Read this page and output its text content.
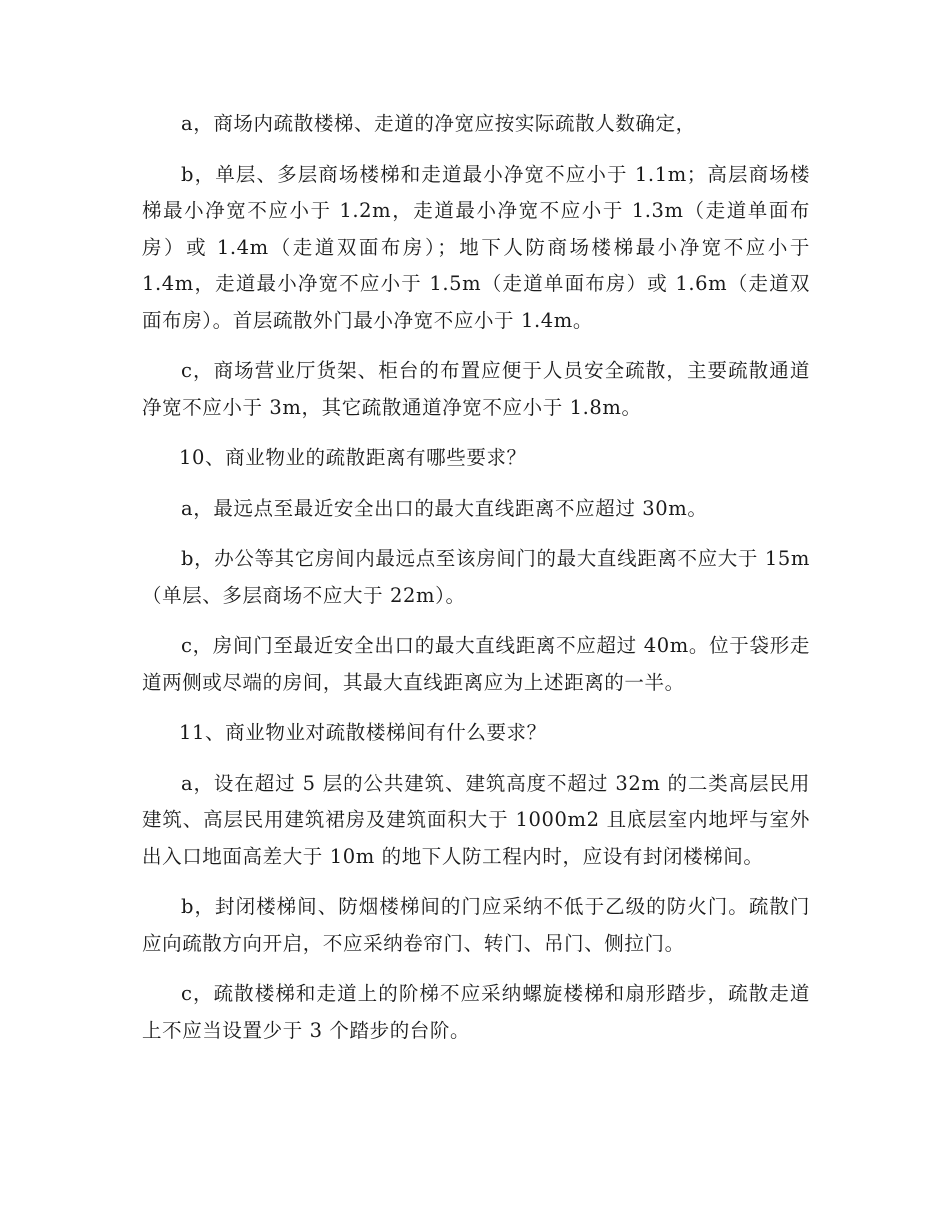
a，商场内疏散楼梯、走道的净宽应按实际疏散人数确定，

b，单层、多层商场楼梯和走道最小净宽不应小于 1.1m；高层商场楼梯最小净宽不应小于 1.2m，走道最小净宽不应小于 1.3m（走道单面布房）或 1.4m（走道双面布房）；地下人防商场楼梯最小净宽不应小于 1.4m，走道最小净宽不应小于 1.5m（走道单面布房）或 1.6m（走道双面布房）。首层疏散外门最小净宽不应小于 1.4m。

c，商场营业厅货架、柜台的布置应便于人员安全疏散，主要疏散通道净宽不应小于 3m，其它疏散通道净宽不应小于 1.8m。

10、商业物业的疏散距离有哪些要求？

a，最远点至最近安全出口的最大直线距离不应超过 30m。

b，办公等其它房间内最远点至该房间门的最大直线距离不应大于 15m（单层、多层商场不应大于 22m）。

c，房间门至最近安全出口的最大直线距离不应超过 40m。位于袋形走道两侧或尽端的房间，其最大直线距离应为上述距离的一半。

11、商业物业对疏散楼梯间有什么要求？

a，设在超过 5 层的公共建筑、建筑高度不超过 32m 的二类高层民用建筑、高层民用建筑裙房及建筑面积大于 1000m2 且底层室内地坪与室外出入口地面高差大于 10m 的地下人防工程内时，应设有封闭楼梯间。

b，封闭楼梯间、防烟楼梯间的门应采纳不低于乙级的防火门。疏散门应向疏散方向开启，不应采纳卷帘门、转门、吊门、侧拉门。

c，疏散楼梯和走道上的阶梯不应采纳螺旋楼梯和扇形踏步，疏散走道上不应当设置少于 3 个踏步的台阶。
